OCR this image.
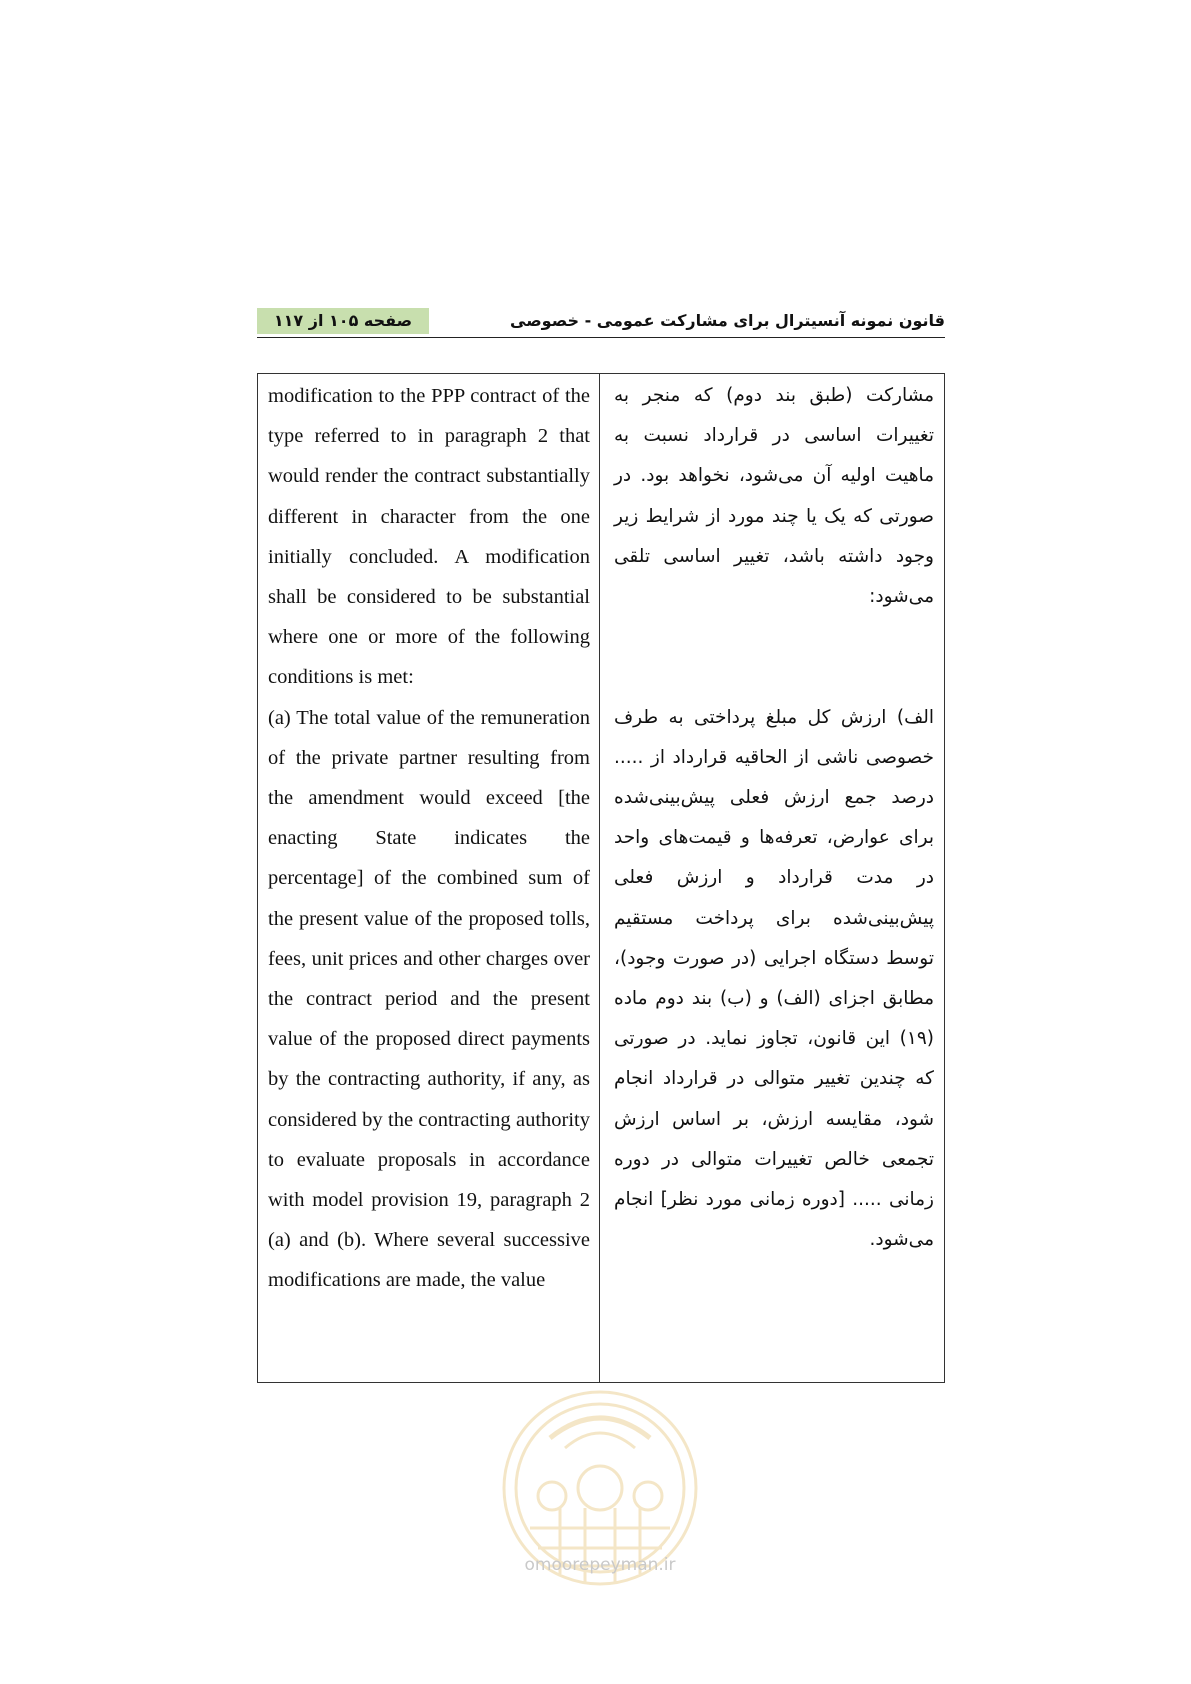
صفحه ۱۰۵ از ۱۱۷	قانون نمونه آنسیترال برای مشارکت عمومی - خصوصی

modification to the PPP contract of the type referred to in paragraph 2 that would render the contract substantially different in character from the one initially concluded. A modification shall be considered to be substantial where one or more of the following conditions is met:

(a) The total value of the remuneration of the private partner resulting from the amendment would exceed [the enacting State indicates the percentage] of the combined sum of the present value of the proposed tolls, fees, unit prices and other charges over the contract period and the present value of the proposed direct payments by the contracting authority, if any, as considered by the contracting authority to evaluate proposals in accordance with model provision 19, paragraph 2 (a) and (b). Where several successive modifications are made, the value

مشارکت (طبق بند دوم) که منجر به تغییرات اساسی در قرارداد نسبت به ماهیت اولیه آن می‌شود، نخواهد بود. در صورتی که یک یا چند مورد از شرایط زیر وجود داشته باشد، تغییر اساسی تلقی می‌شود:

الف) ارزش کل مبلغ پرداختی به طرف خصوصی ناشی از الحاقیه قرارداد از ..... درصد جمع ارزش فعلی پیش‌بینی‌شده برای عوارض، تعرفه‌ها و قیمت‌های واحد در مدت قرارداد و ارزش فعلی پیش‌بینی‌شده برای پرداخت مستقیم توسط دستگاه اجرایی (در صورت وجود)، مطابق اجزای (الف) و (ب) بند دوم ماده (۱۹) این قانون، تجاوز نماید. در صورتی که چندین تغییر متوالی در قرارداد انجام شود، مقایسه ارزش، بر اساس ارزش تجمعی خالص تغییرات متوالی در دوره زمانی ..... [دوره زمانی مورد نظر] انجام می‌شود.

omoorepeyman.ir
